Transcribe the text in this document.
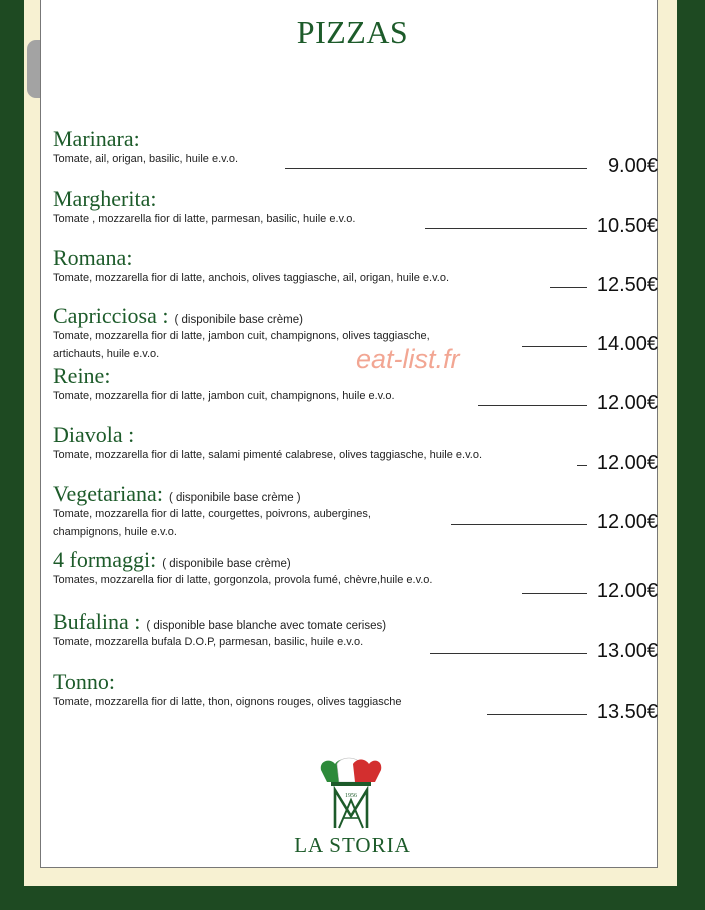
PIZZAS
Marinara:
Tomate, ail, origan, basilic, huile e.v.o.	9.00€
Margherita:
Tomate , mozzarella fior di latte, parmesan, basilic, huile e.v.o.	10.50€
Romana:
Tomate, mozzarella fior di latte, anchois, olives taggiasche, ail, origan, huile e.v.o.	12.50€
Capricciosa : ( disponibile base crème)
Tomate, mozzarella fior di latte, jambon cuit, champignons, olives taggiasche,
artichauts, huile e.v.o.	14.00€
Reine:
Tomate, mozzarella fior di latte, jambon cuit, champignons, huile e.v.o.	12.00€
Diavola :
Tomate, mozzarella fior di latte, salami pimenté calabrese, olives taggiasche, huile e.v.o.	12.00€
Vegetariana: ( disponibile base crème )
Tomate, mozzarella fior di latte, courgettes, poivrons, aubergines,
champignons, huile e.v.o.	12.00€
4 formaggi: ( disponibile base crème)
Tomates, mozzarella fior di latte, gorgonzola, provola fumé, chèvre,huile e.v.o.	12.00€
Bufalina : ( disponible base blanche avec tomate cerises)
Tomate, mozzarella bufala D.O.P, parmesan, basilic, huile e.v.o.	13.00€
Tonno:
Tomate, mozzarella fior di latte, thon, oignons rouges, olives taggiasche	13.50€
eat-list.fr
1956
LA STORIA
